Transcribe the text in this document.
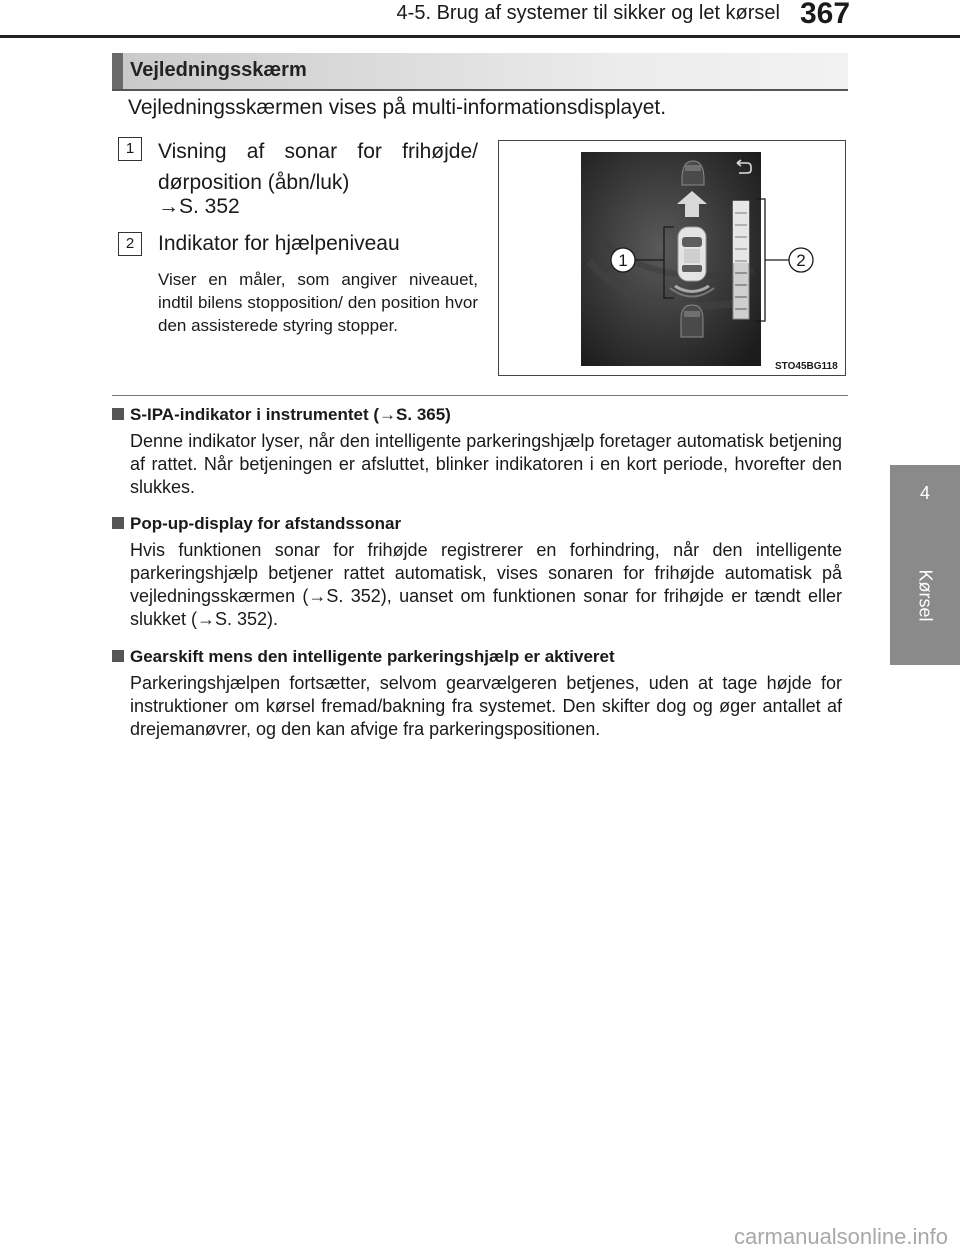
4-5. Brug af systemer til sikker og let kørsel 367
4
Kørsel
Vejledningsskærm
Vejledningsskærmen vises på multi-informationsdisplayet.
1	Visning af sonar for frihøjde/ dørposition (åbn/luk)
→S. 352
2	Indikator for hjælpeniveau
Viser en måler, som angiver niveauet, indtil bilens stopposition/ den position hvor den assisterede styring stopper.
1	2
STO45BG118
S-IPA-indikator i instrumentet (→S. 365)
Denne indikator lyser, når den intelligente parkeringshjælp foretager automatisk betjening af rattet. Når betjeningen er afsluttet, blinker indikatoren i en kort periode, hvorefter den slukkes.
Pop-up-display for afstandssonar
Hvis funktionen sonar for frihøjde registrerer en forhindring, når den intelligente parkeringshjælp betjener rattet automatisk, vises sonaren for frihøjde automatisk på vejledningsskærmen (→S. 352), uanset om funktionen sonar for frihøjde er tændt eller slukket (→S. 352).
Gearskift mens den intelligente parkeringshjælp er aktiveret
Parkeringshjælpen fortsætter, selvom gearvælgeren betjenes, uden at tage højde for instruktioner om kørsel fremad/bakning fra systemet. Den skifter dog og øger antallet af drejemanøvrer, og den kan afvige fra parkeringspositionen.
carmanualsonline.info
